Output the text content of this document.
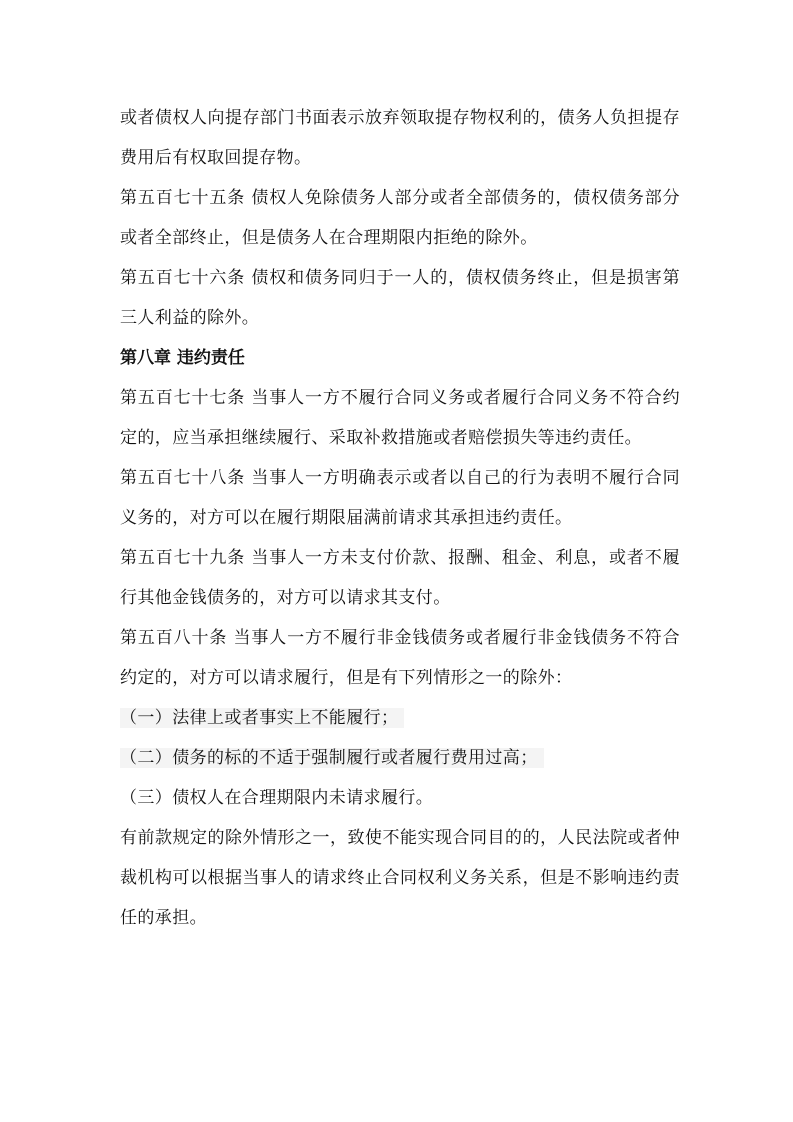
或者债权人向提存部门书面表示放弃领取提存物权利的，债务人负担提存费用后有权取回提存物。

第五百七十五条 债权人免除债务人部分或者全部债务的，债权债务部分或者全部终止，但是债务人在合理期限内拒绝的除外。

第五百七十六条 债权和债务同归于一人的，债权债务终止，但是损害第三人利益的除外。

第八章 违约责任

第五百七十七条 当事人一方不履行合同义务或者履行合同义务不符合约定的，应当承担继续履行、采取补救措施或者赔偿损失等违约责任。

第五百七十八条 当事人一方明确表示或者以自己的行为表明不履行合同义务的，对方可以在履行期限届满前请求其承担违约责任。

第五百七十九条 当事人一方未支付价款、报酬、租金、利息，或者不履行其他金钱债务的，对方可以请求其支付。

第五百八十条 当事人一方不履行非金钱债务或者履行非金钱债务不符合约定的，对方可以请求履行，但是有下列情形之一的除外：

（一）法律上或者事实上不能履行；

（二）债务的标的不适于强制履行或者履行费用过高；

（三）债权人在合理期限内未请求履行。

有前款规定的除外情形之一，致使不能实现合同目的的，人民法院或者仲裁机构可以根据当事人的请求终止合同权利义务关系，但是不影响违约责任的承担。
